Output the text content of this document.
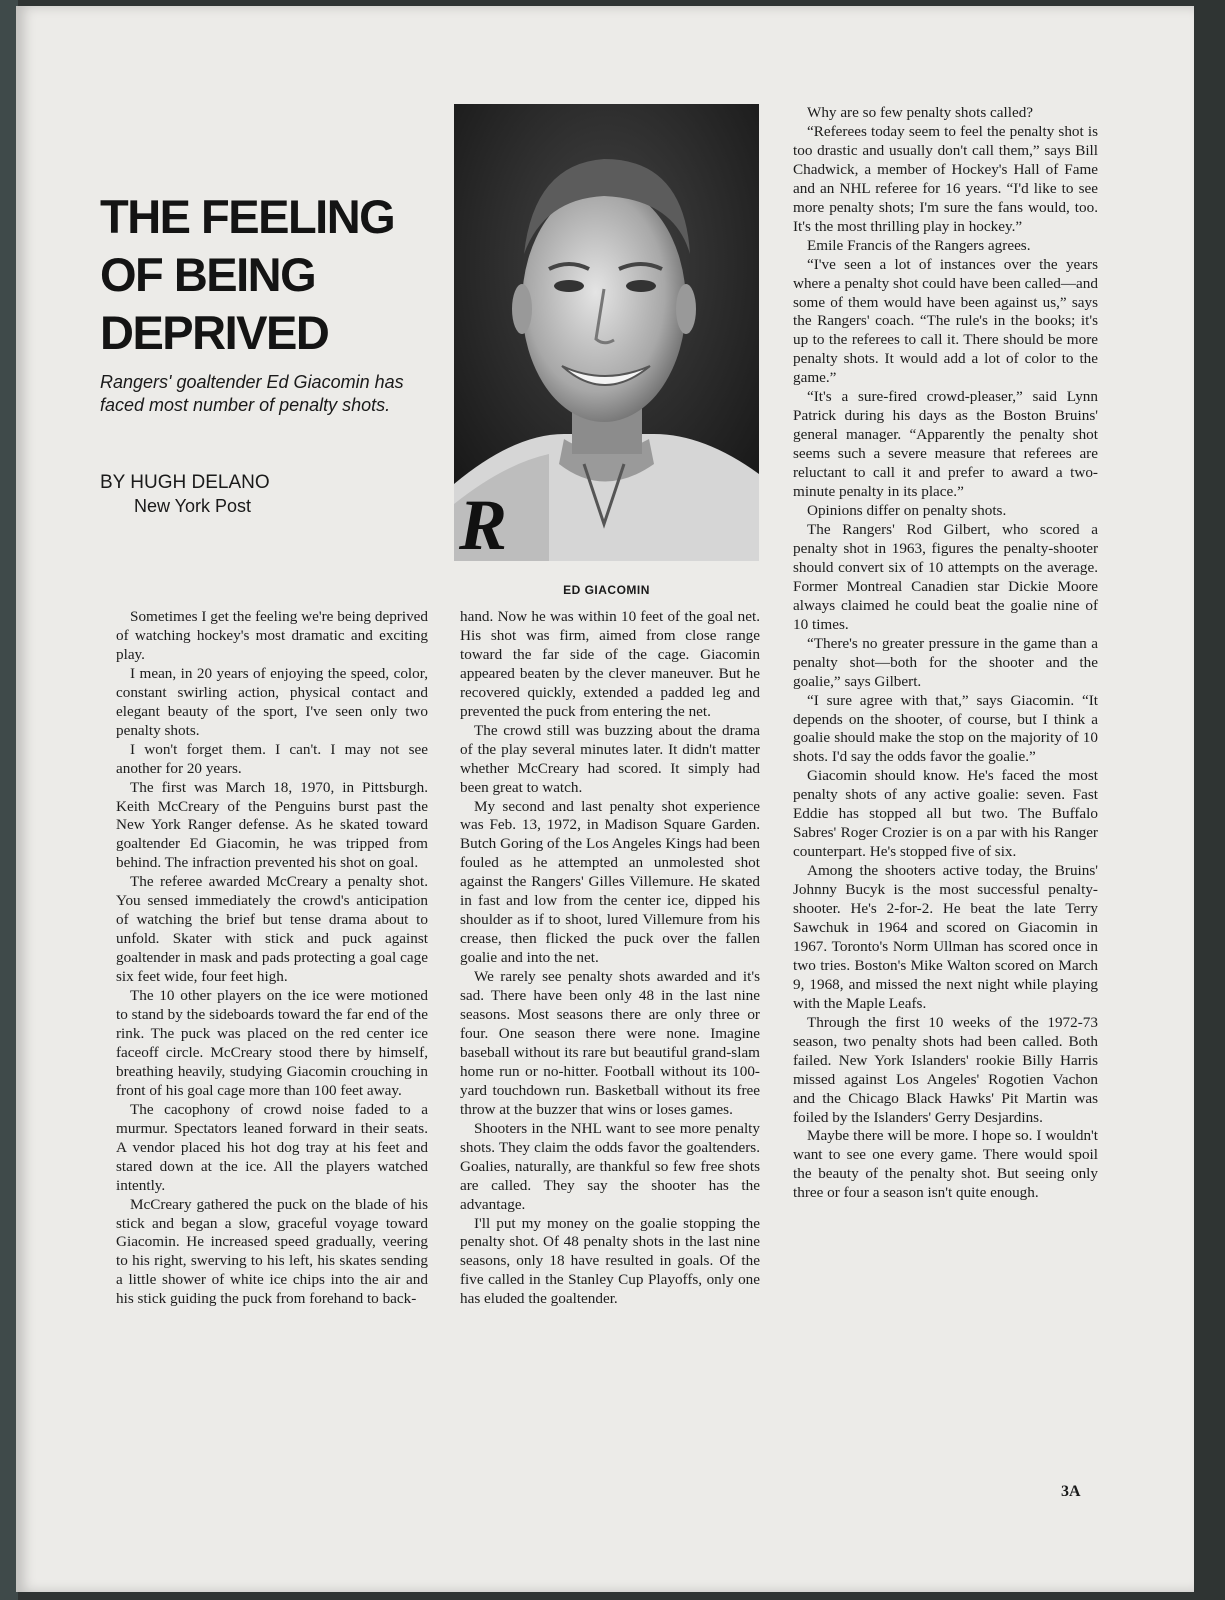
THE FEELING OF BEING DEPRIVED

Rangers' goaltender Ed Giacomin has faced most number of penalty shots.

BY HUGH DELANO
New York Post	R
ED GIACOMIN

Sometimes I get the feeling we're being deprived of watching hockey's most dramatic and exciting play.

I mean, in 20 years of enjoying the speed, color, constant swirling action, physical contact and elegant beauty of the sport, I've seen only two penalty shots.

I won't forget them. I can't. I may not see another for 20 years.

The first was March 18, 1970, in Pittsburgh. Keith McCreary of the Penguins burst past the New York Ranger defense. As he skated toward goaltender Ed Giacomin, he was tripped from behind. The infraction prevented his shot on goal.

The referee awarded McCreary a penalty shot. You sensed immediately the crowd's anticipation of watching the brief but tense drama about to unfold. Skater with stick and puck against goaltender in mask and pads protecting a goal cage six feet wide, four feet high.

The 10 other players on the ice were motioned to stand by the sideboards toward the far end of the rink. The puck was placed on the red center ice faceoff circle. McCreary stood there by himself, breathing heavily, studying Giacomin crouching in front of his goal cage more than 100 feet away.

The cacophony of crowd noise faded to a murmur. Spectators leaned forward in their seats. A vendor placed his hot dog tray at his feet and stared down at the ice. All the players watched intently.

McCreary gathered the puck on the blade of his stick and began a slow, graceful voyage toward Giacomin. He increased speed gradually, veering to his right, swerving to his left, his skates sending a little shower of white ice chips into the air and his stick guiding the puck from forehand to back-

hand. Now he was within 10 feet of the goal net. His shot was firm, aimed from close range toward the far side of the cage. Giacomin appeared beaten by the clever maneuver. But he recovered quickly, extended a padded leg and prevented the puck from entering the net.

The crowd still was buzzing about the drama of the play several minutes later. It didn't matter whether McCreary had scored. It simply had been great to watch.

My second and last penalty shot experience was Feb. 13, 1972, in Madison Square Garden. Butch Goring of the Los Angeles Kings had been fouled as he attempted an unmolested shot against the Rangers' Gilles Villemure. He skated in fast and low from the center ice, dipped his shoulder as if to shoot, lured Villemure from his crease, then flicked the puck over the fallen goalie and into the net.

We rarely see penalty shots awarded and it's sad. There have been only 48 in the last nine seasons. Most seasons there are only three or four. One season there were none. Imagine baseball without its rare but beautiful grand-slam home run or no-hitter. Football without its 100-yard touchdown run. Basketball without its free throw at the buzzer that wins or loses games.

Shooters in the NHL want to see more penalty shots. They claim the odds favor the goaltenders. Goalies, naturally, are thankful so few free shots are called. They say the shooter has the advantage.

I'll put my money on the goalie stopping the penalty shot. Of 48 penalty shots in the last nine seasons, only 18 have resulted in goals. Of the five called in the Stanley Cup Playoffs, only one has eluded the goaltender.

Why are so few penalty shots called?

“Referees today seem to feel the penalty shot is too drastic and usually don't call them,” says Bill Chadwick, a member of Hockey's Hall of Fame and an NHL referee for 16 years. “I'd like to see more penalty shots; I'm sure the fans would, too. It's the most thrilling play in hockey.”

Emile Francis of the Rangers agrees.

“I've seen a lot of instances over the years where a penalty shot could have been called—and some of them would have been against us,” says the Rangers' coach. “The rule's in the books; it's up to the referees to call it. There should be more penalty shots. It would add a lot of color to the game.”

“It's a sure-fired crowd-pleaser,” said Lynn Patrick during his days as the Boston Bruins' general manager. “Apparently the penalty shot seems such a severe measure that referees are reluctant to call it and prefer to award a two-minute penalty in its place.”

Opinions differ on penalty shots.

The Rangers' Rod Gilbert, who scored a penalty shot in 1963, figures the penalty-shooter should convert six of 10 attempts on the average. Former Montreal Canadien star Dickie Moore always claimed he could beat the goalie nine of 10 times.

“There's no greater pressure in the game than a penalty shot—both for the shooter and the goalie,” says Gilbert.

“I sure agree with that,” says Giacomin. “It depends on the shooter, of course, but I think a goalie should make the stop on the majority of 10 shots. I'd say the odds favor the goalie.”

Giacomin should know. He's faced the most penalty shots of any active goalie: seven. Fast Eddie has stopped all but two. The Buffalo Sabres' Roger Crozier is on a par with his Ranger counterpart. He's stopped five of six.

Among the shooters active today, the Bruins' Johnny Bucyk is the most successful penalty-shooter. He's 2-for-2. He beat the late Terry Sawchuk in 1964 and scored on Giacomin in 1967. Toronto's Norm Ullman has scored once in two tries. Boston's Mike Walton scored on March 9, 1968, and missed the next night while playing with the Maple Leafs.

Through the first 10 weeks of the 1972-73 season, two penalty shots had been called. Both failed. New York Islanders' rookie Billy Harris missed against Los Angeles' Rogotien Vachon and the Chicago Black Hawks' Pit Martin was foiled by the Islanders' Gerry Desjardins.

Maybe there will be more. I hope so. I wouldn't want to see one every game. There would spoil the beauty of the penalty shot. But seeing only three or four a season isn't quite enough.

3A
